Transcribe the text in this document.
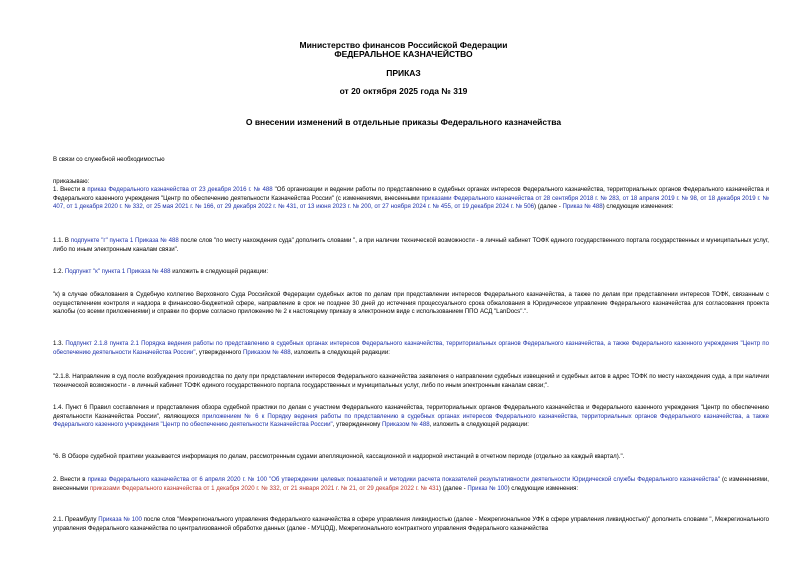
Министерство финансов Российской Федерации
ФЕДЕРАЛЬНОЕ КАЗНАЧЕЙСТВО
ПРИКАЗ
от 20 октября 2025 года № 319
О внесении изменений в отдельные приказы Федерального казначейства
В связи со служебной необходимостью
приказываю:
1. Внести в приказ Федерального казначейства от 23 декабря 2016 г. № 488 "Об организации и ведении работы по представлению в судебных органах интересов Федерального казначейства, территориальных органов Федерального казначейства и Федерального казенного учреждения "Центр по обеспечению деятельности Казначейства России" (с изменениями, внесенными приказами Федерального казначейства от 28 сентября 2018 г. № 283, от 18 апреля 2019 г. № 98, от 18 декабря 2019 г. № 407, от 1 декабря 2020 г. № 332, от 25 мая 2021 г. № 166, от 29 декабря 2022 г. № 431, от 13 июня 2023 г. № 200, от 27 ноября 2024 г. № 455, от 19 декабря 2024 г. № 506) (далее - Приказ № 488) следующие изменения:
1.1. В подпункте "г" пункта 1 Приказа № 488 после слов "по месту нахождения суда" дополнить словами ", а при наличии технической возможности - в личный кабинет ТОФК единого государственного портала государственных и муниципальных услуг, либо по иным электронным каналам связи".
1.2. Подпункт "к" пункта 1 Приказа № 488 изложить в следующей редакции:
"к) в случае обжалования в Судебную коллегию Верховного Суда Российской Федерации судебных актов по делам при представлении интересов Федерального казначейства, а также по делам при представлении интересов ТОФК, связанным с осуществлением контроля и надзора в финансово-бюджетной сфере, направление в срок не позднее 30 дней до истечения процессуального срока обжалования в Юридическое управление Федерального казначейства для согласования проекта жалобы (со всеми приложениями) и справки по форме согласно приложению № 2 к настоящему приказу в электронном виде с использованием ППО АСД "LanDocs".".
1.3. Подпункт 2.1.8 пункта 2.1 Порядка ведения работы по представлению в судебных органах интересов Федерального казначейства, территориальных органов Федерального казначейства, а также Федерального казенного учреждения "Центр по обеспечению деятельности Казначейства России", утвержденного Приказом № 488, изложить в следующей редакции:
"2.1.8. Направление в суд после возбуждения производства по делу при представлении интересов Федерального казначейства заявления о направлении судебных извещений и судебных актов в адрес ТОФК по месту нахождения суда, а при наличии технической возможности - в личный кабинет ТОФК единого государственного портала государственных и муниципальных услуг, либо по иным электронным каналам связи;".
1.4. Пункт 6 Правил составления и представления обзора судебной практики по делам с участием Федерального казначейства, территориальных органов Федерального казначейства и Федерального казенного учреждения "Центр по обеспечению деятельности Казначейства России", являющихся приложением № 6 к Порядку ведения работы по представлению в судебных органах интересов Федерального казначейства, территориальных органов Федерального казначейства, а также Федерального казенного учреждения "Центр по обеспечению деятельности Казначейства России", утвержденному Приказом № 488, изложить в следующей редакции:
"6. В Обзоре судебной практики указывается информация по делам, рассмотренным судами апелляционной, кассационной и надзорной инстанций в отчетном периоде (отдельно за каждый квартал).".
2. Внести в приказ Федерального казначейства от 6 апреля 2020 г. № 100 "Об утверждении целевых показателей и методики расчета показателей результативности деятельности Юридической службы Федерального казначейства" (с изменениями, внесенными приказами Федерального казначейства от 1 декабря 2020 г. № 332, от 21 января 2021 г. № 21, от 29 декабря 2022 г. № 431) (далее - Приказ № 100) следующие изменения:
2.1. Преамбулу Приказа № 100 после слов "Межрегионального управления Федерального казначейства в сфере управления ликвидностью (далее - Межрегиональное УФК в сфере управления ликвидностью)" дополнить словами ", Межрегионального управления Федерального казначейства по централизованной обработке данных (далее - МУЦОД), Межрегионального контрактного управления Федерального казначейства
